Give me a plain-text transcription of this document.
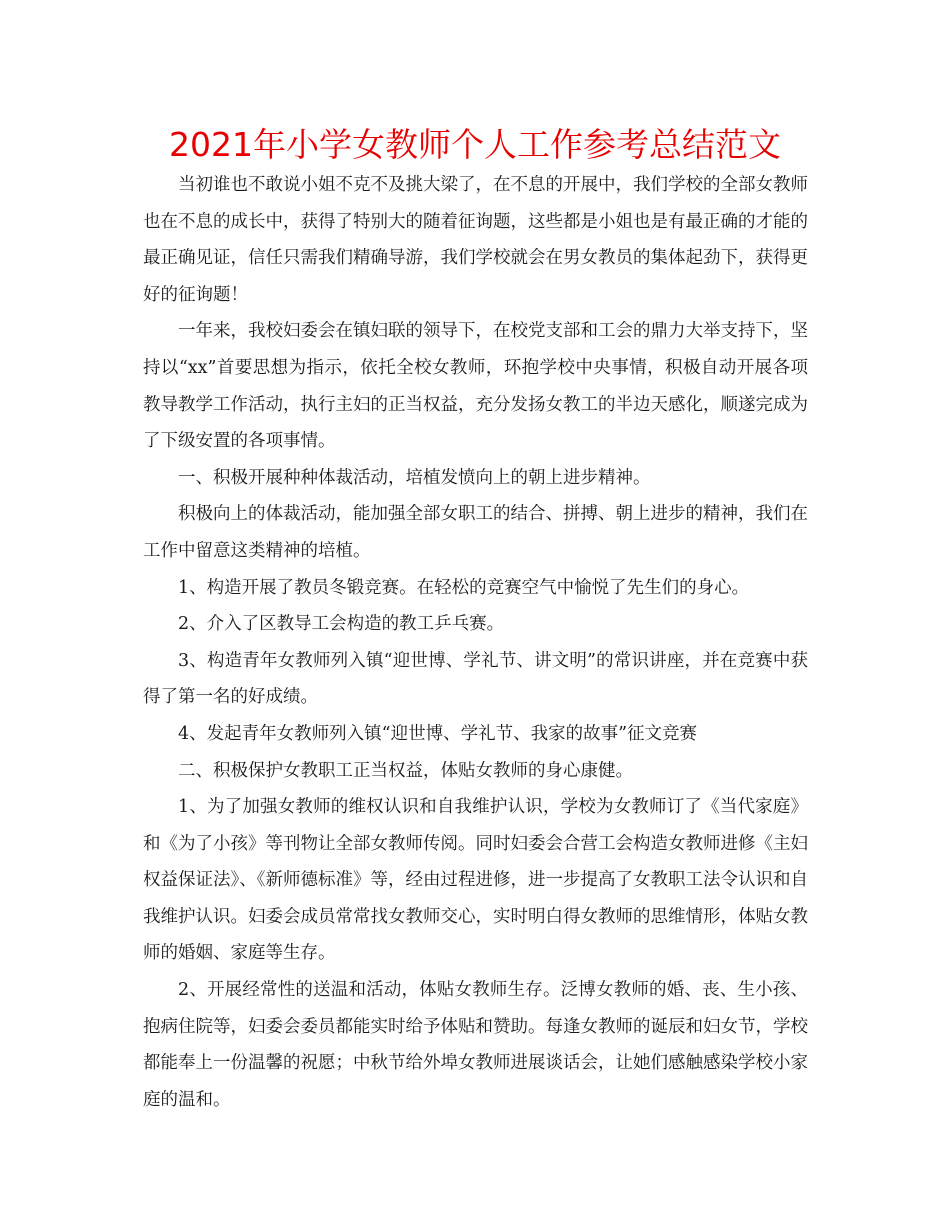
2021年小学女教师个人工作参考总结范文

当初谁也不敢说小姐不克不及挑大梁了，在不息的开展中，我们学校的全部女教师也在不息的成长中，获得了特别大的随着征询题，这些都是小姐也是有最正确的才能的最正确见证，信任只需我们精确导游，我们学校就会在男女教员的集体起劲下，获得更好的征询题！

一年来，我校妇委会在镇妇联的领导下，在校党支部和工会的鼎力大举支持下，坚持以“xx”首要思想为指示，依托全校女教师，环抱学校中央事情，积极自动开展各项教导教学工作活动，执行主妇的正当权益，充分发扬女教工的半边天感化，顺遂完成为了下级安置的各项事情。

一、积极开展种种体裁活动，培植发愤向上的朝上进步精神。

积极向上的体裁活动，能加强全部女职工的结合、拼搏、朝上进步的精神，我们在工作中留意这类精神的培植。

1、构造开展了教员冬锻竞赛。在轻松的竞赛空气中愉悦了先生们的身心。

2、介入了区教导工会构造的教工乒乓赛。

3、构造青年女教师列入镇“迎世博、学礼节、讲文明”的常识讲座，并在竞赛中获得了第一名的好成绩。

4、发起青年女教师列入镇“迎世博、学礼节、我家的故事”征文竞赛

二、积极保护女教职工正当权益，体贴女教师的身心康健。

1、为了加强女教师的维权认识和自我维护认识，学校为女教师订了《当代家庭》和《为了小孩》等刊物让全部女教师传阅。同时妇委会合营工会构造女教师进修《主妇权益保证法》、《新师德标准》等，经由过程进修，进一步提高了女教职工法令认识和自我维护认识。妇委会成员常常找女教师交心，实时明白得女教师的思维情形，体贴女教师的婚姻、家庭等生存。

2、开展经常性的送温和活动，体贴女教师生存。泛博女教师的婚、丧、生小孩、抱病住院等，妇委会委员都能实时给予体贴和赞助。每逢女教师的诞辰和妇女节，学校都能奉上一份温馨的祝愿；中秋节给外埠女教师进展谈话会，让她们感触感染学校小家庭的温和。
